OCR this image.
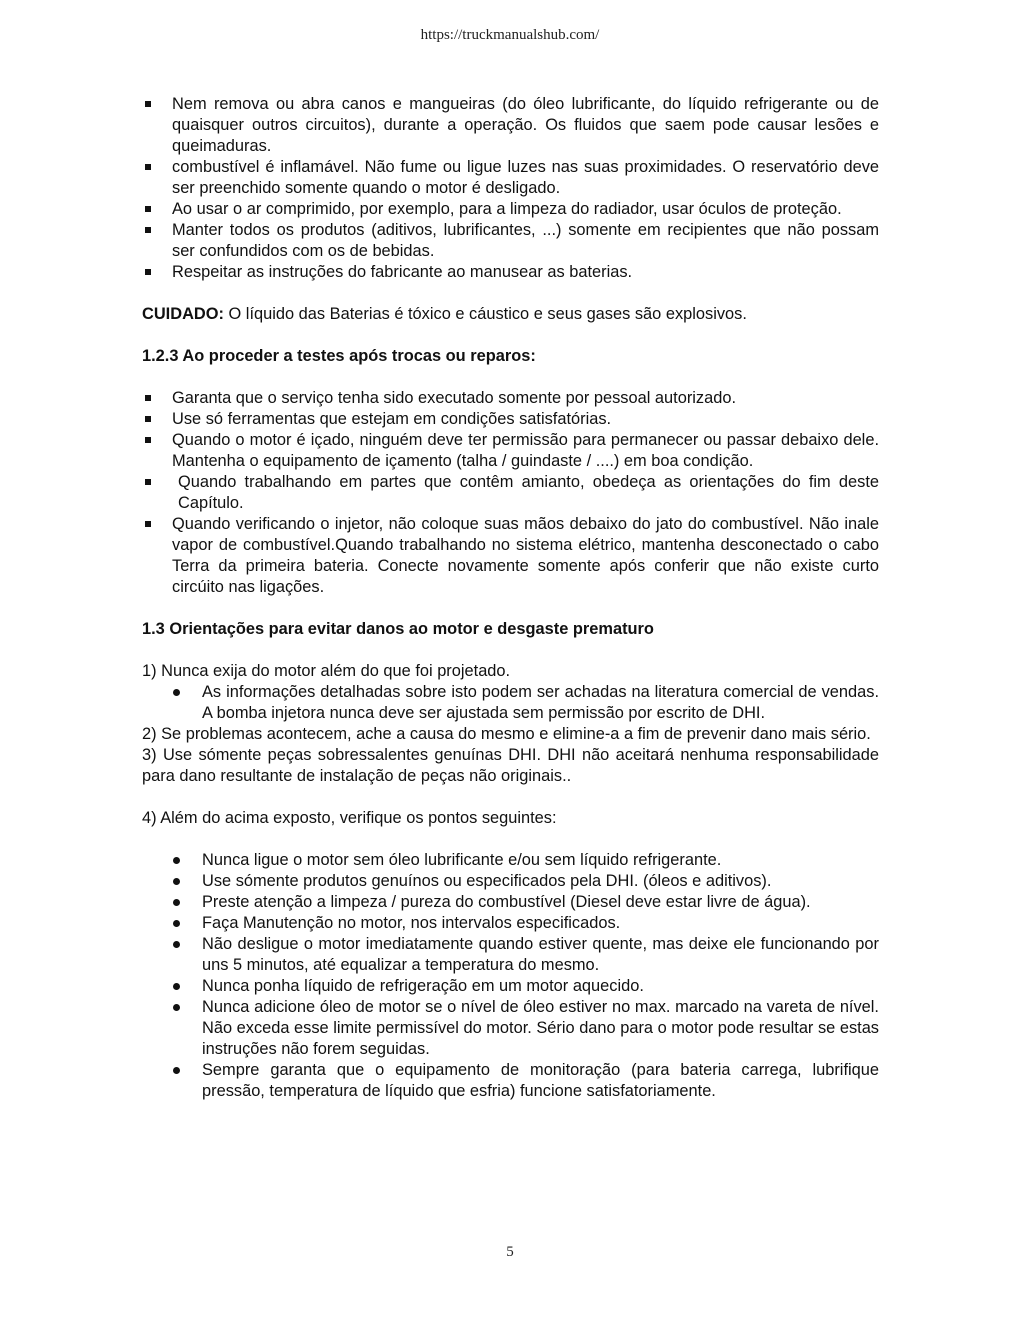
https://truckmanualshub.com/
Nem remova ou abra canos e mangueiras (do óleo lubrificante, do líquido refrigerante ou de quaisquer outros circuitos), durante a operação. Os fluidos que saem pode causar lesões e queimaduras.
combustível é inflamável. Não fume ou ligue luzes nas suas proximidades. O reservatório deve ser preenchido somente quando o motor é desligado.
Ao usar o ar comprimido, por exemplo, para a limpeza do radiador, usar óculos de proteção.
Manter todos os produtos (aditivos, lubrificantes, ...) somente em recipientes que não possam ser confundidos com os de bebidas.
Respeitar as instruções do fabricante ao manusear as baterias.

CUIDADO: O líquido das Baterias é tóxico e cáustico e seus gases são explosivos.

1.2.3 Ao proceder a testes após trocas ou reparos:

Garanta que o serviço tenha sido executado somente por pessoal autorizado.
Use só ferramentas que estejam em condições satisfatórias.
Quando o motor é içado, ninguém deve ter permissão para permanecer ou passar debaixo dele. Mantenha o equipamento de içamento (talha / guindaste / ....) em boa condição.
Quando trabalhando em partes que contêm amianto, obedeça as orientações do fim deste Capítulo.
Quando verificando o injetor, não coloque suas mãos debaixo do jato do combustível. Não inale vapor de combustível.Quando trabalhando no sistema elétrico, mantenha desconectado o cabo Terra da primeira bateria. Conecte novamente somente após conferir que não existe curto circúito nas ligações.

1.3 Orientações para evitar danos ao motor e desgaste prematuro

1) Nunca exija do motor além do que foi projetado.

As informações detalhadas sobre isto podem ser achadas na literatura comercial de vendas. A bomba injetora nunca deve ser ajustada sem permissão por escrito de DHI.

2) Se problemas acontecem, ache a causa do mesmo e elimine-a a fim de prevenir dano mais sério.

3) Use sómente peças sobressalentes genuínas DHI. DHI não aceitará nenhuma responsabilidade para dano resultante de instalação de peças não originais..

4) Além do acima exposto, verifique os pontos seguintes:

Nunca ligue o motor sem óleo lubrificante e/ou sem líquido refrigerante.
Use sómente produtos genuínos ou especificados pela DHI. (óleos e aditivos).
Preste atenção a limpeza / pureza do combustível (Diesel deve estar livre de água).
Faça Manutenção no motor, nos intervalos especificados.
Não desligue o motor imediatamente quando estiver quente, mas deixe ele funcionando por uns 5 minutos, até equalizar a temperatura do mesmo.
Nunca ponha líquido de refrigeração em um motor aquecido.
Nunca adicione óleo de motor se o nível de óleo estiver no max. marcado na vareta de nível. Não exceda esse limite permissível do motor. Sério dano para o motor pode resultar se estas instruções não forem seguidas.
Sempre garanta que o equipamento de monitoração (para bateria carrega, lubrifique pressão, temperatura de líquido que esfria) funcione satisfatoriamente.
5
